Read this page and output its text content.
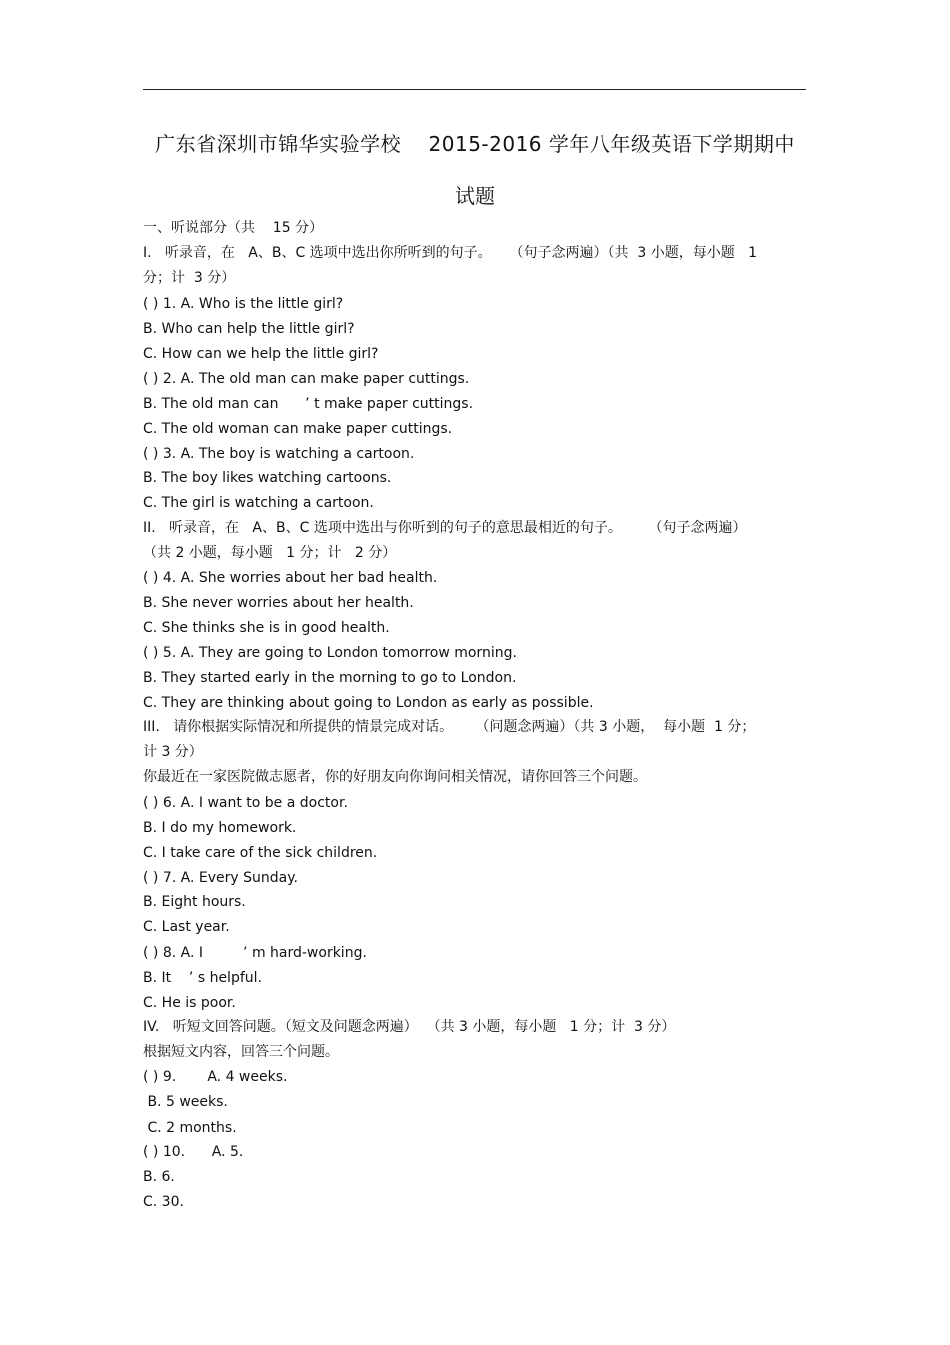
广东省深圳市锦华实验学校    2015-2016 学年八年级英语下学期期中
试题
一、听说部分（共    15 分）
I.   听录音，在   A、B、C 选项中选出你所听到的句子。    （句子念两遍）（共  3 小题，每小题   1
分；计  3 分）
( ) 1. A. Who is the little girl?
B. Who can help the little girl?
C. How can we help the little girl?
( ) 2. A. The old man can make paper cuttings.
B. The old man can      ’ t make paper cuttings.
C. The old woman can make paper cuttings.
( ) 3. A. The boy is watching a cartoon.
B. The boy likes watching cartoons.
C. The girl is watching a cartoon.
II.   听录音，在   A、B、C 选项中选出与你听到的句子的意思最相近的句子。      （句子念两遍）
（共 2 小题，每小题   1 分；计   2 分）
( ) 4. A. She worries about her bad health.
B. She never worries about her health.
C. She thinks she is in good health.
( ) 5. A. They are going to London tomorrow morning.
B. They started early in the morning to go to London.
C. They are thinking about going to London as early as possible.
III.   请你根据实际情况和所提供的情景完成对话。     （问题念两遍）（共 3 小题，  每小题  1 分；
计 3 分）
你最近在一家医院做志愿者，你的好朋友向你询问相关情况，请你回答三个问题。
( ) 6. A. I want to be a doctor.
B. I do my homework.
C. I take care of the sick children.
( ) 7. A. Every Sunday.
B. Eight hours.
C. Last year.
( ) 8. A. I         ’ m hard-working.
B. It    ’ s helpful.
C. He is poor.
IV.   听短文回答问题。（短文及问题念两遍）  （共 3 小题，每小题   1 分；计  3 分）
根据短文内容，回答三个问题。
( ) 9.       A. 4 weeks.
B. 5 weeks.
C. 2 months.
( ) 10.      A. 5.
B. 6.
C. 30.
